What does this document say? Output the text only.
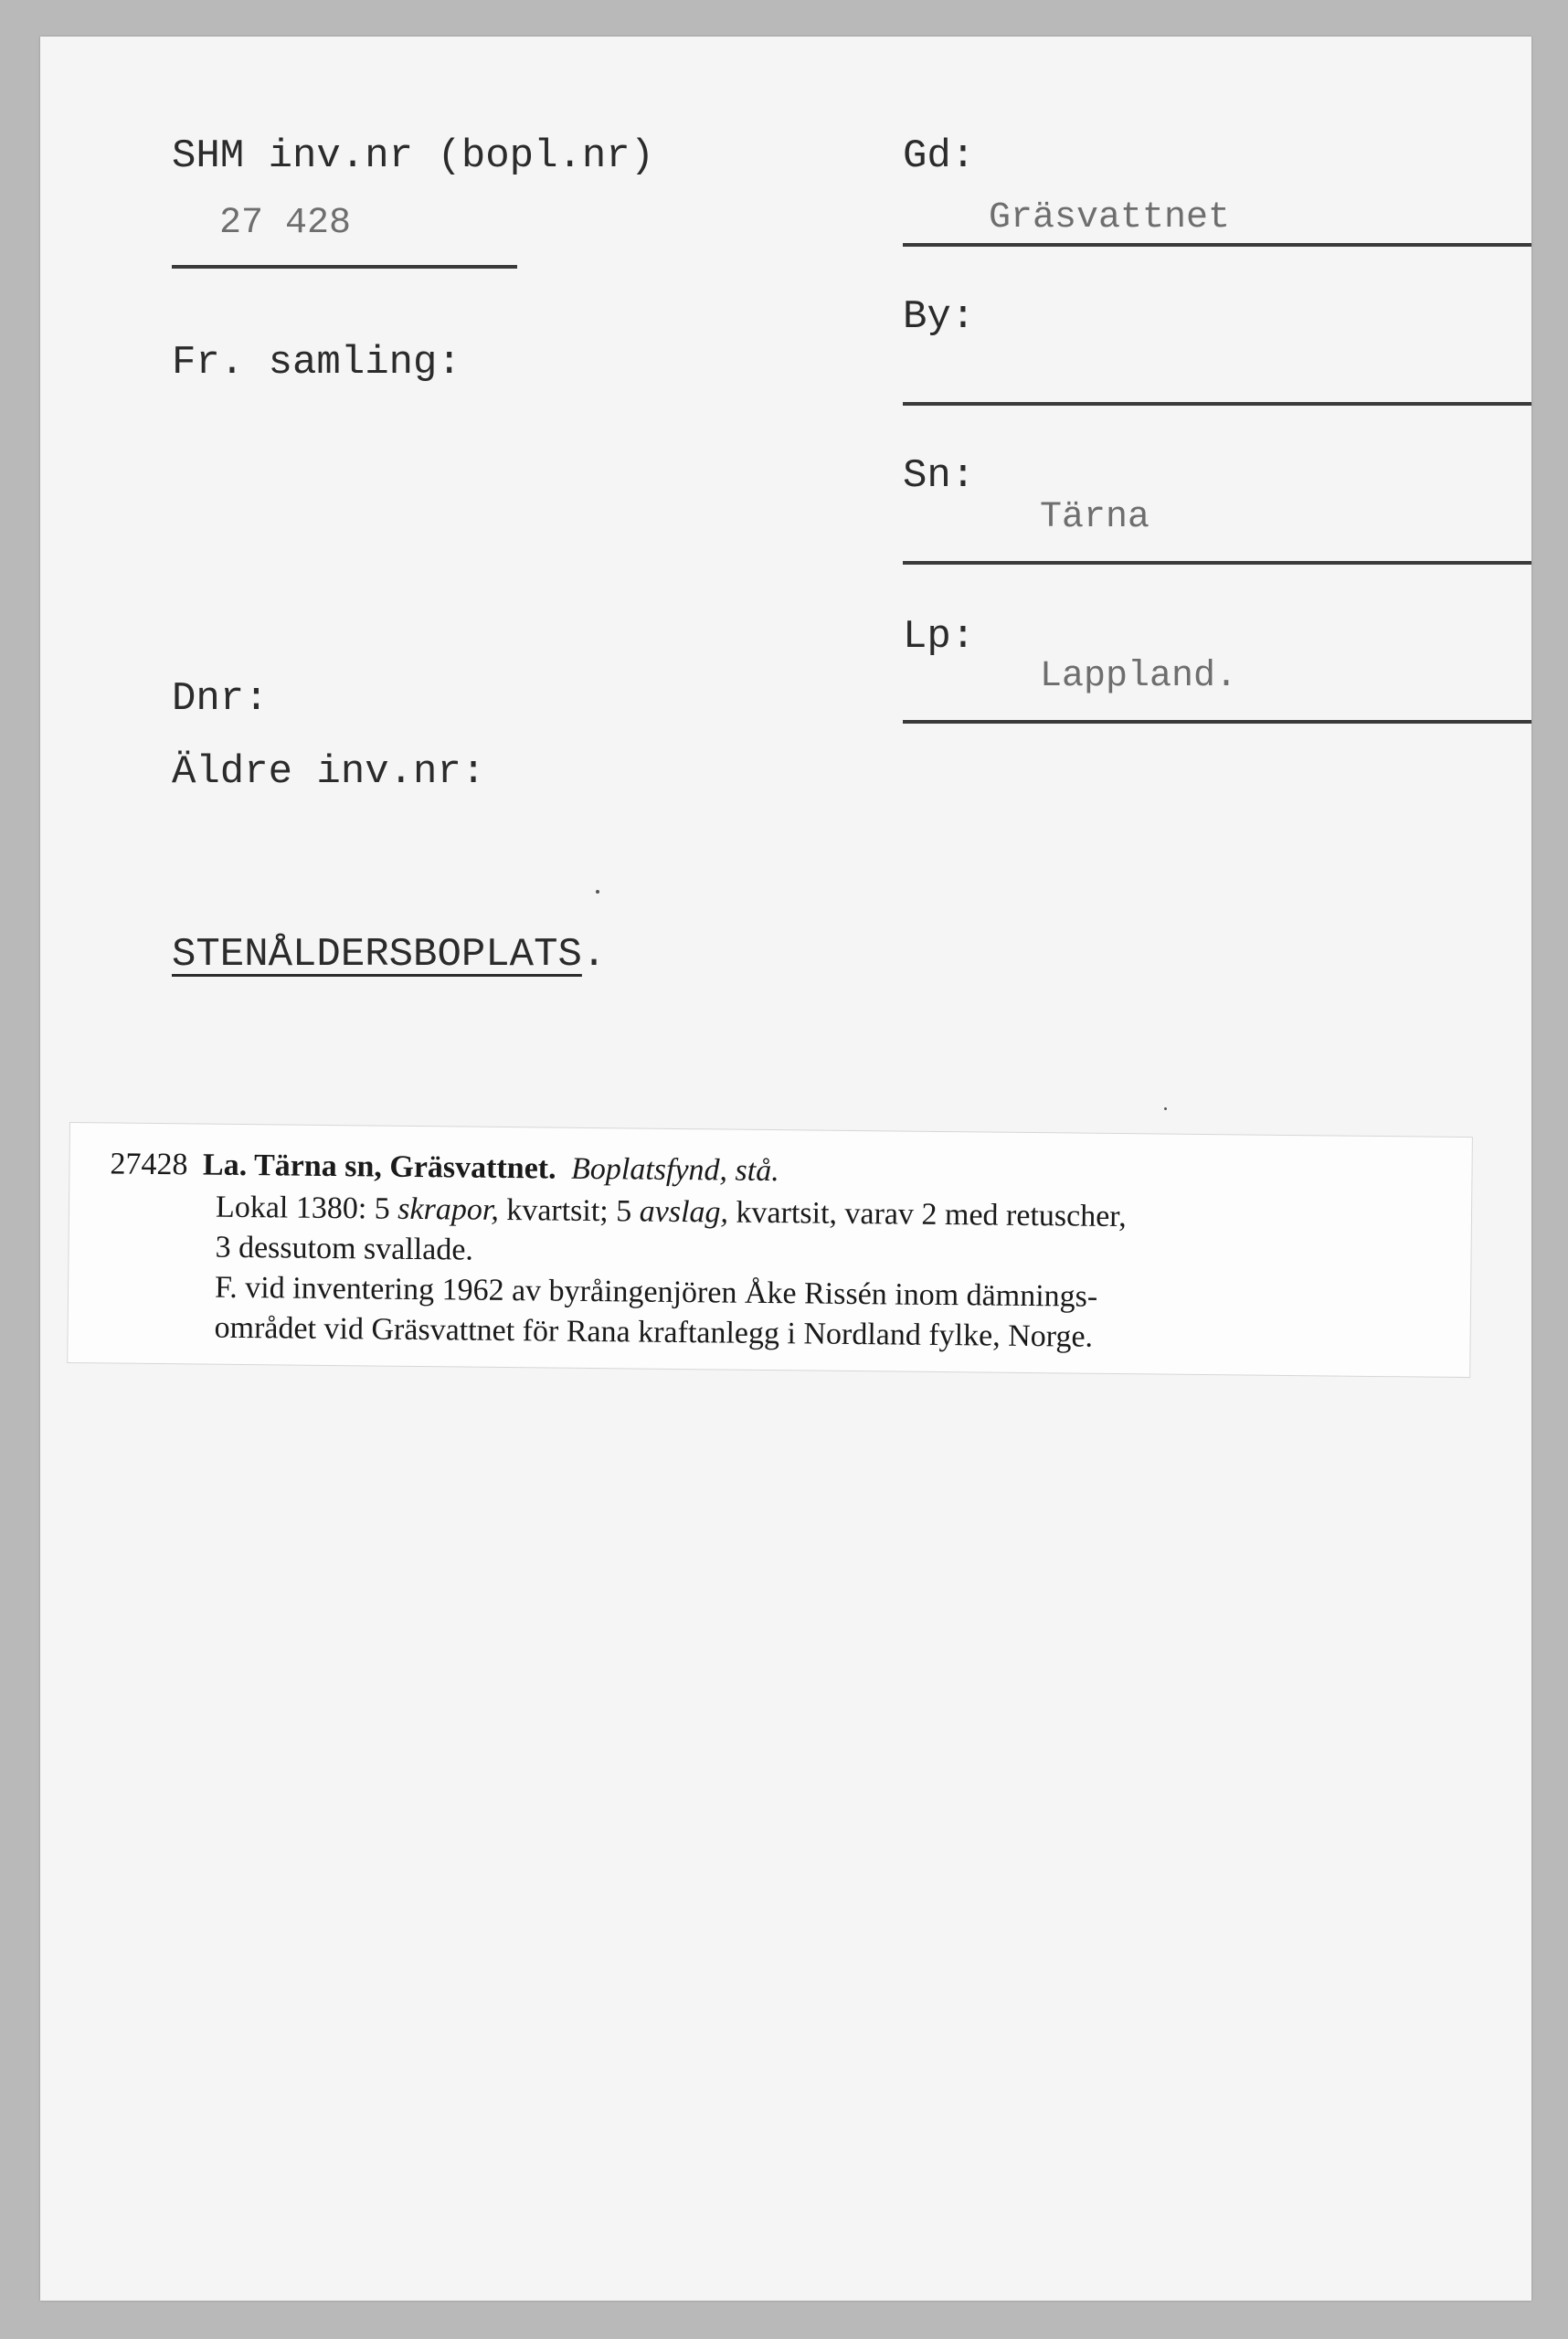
SHM inv.nr (bopl.nr)
27 428
Fr. samling:
Dnr:
Äldre inv.nr:
STENÅLDERSBOPLATS.
Gd:
Gräsvattnet
By:
Sn:
Tärna
Lp:
Lappland.
27428 La. Tärna sn, Gräsvattnet. Boplatsfynd, stå.
Lokal 1380: 5 skrapor, kvartsit; 5 avslag, kvartsit, varav 2 med retuscher,
3 dessutom svallade.
F. vid inventering 1962 av byråingenjören Åke Rissén inom dämnings-
området vid Gräsvattnet för Rana kraftanlegg i Nordland fylke, Norge.
